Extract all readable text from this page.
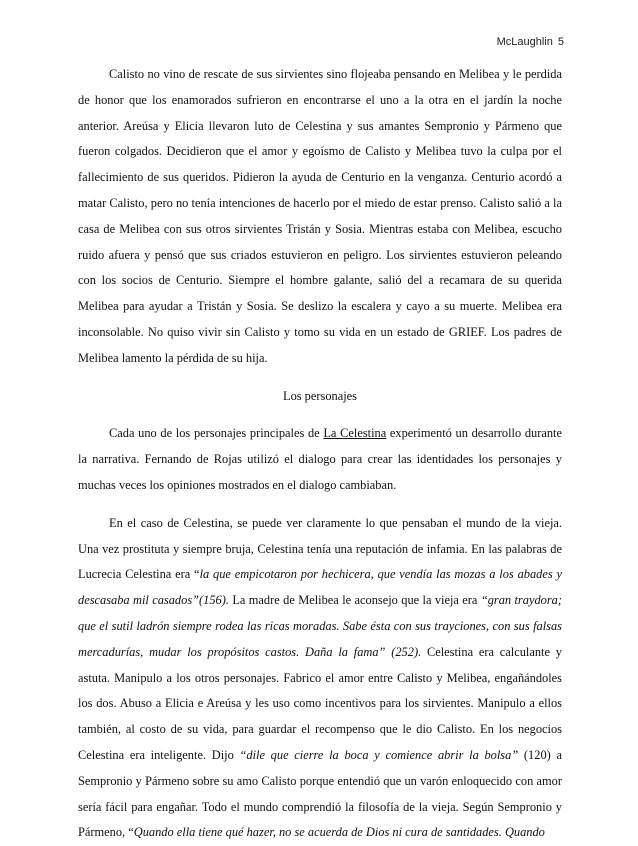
McLaughlin 5

Calisto no vino de rescate de sus sirvientes sino flojeaba pensando en Melibea y le perdida de honor que los enamorados sufrieron en encontrarse el uno a la otra en el jardín la noche anterior. Areúsa y Elicia llevaron luto de Celestina y sus amantes Sempronio y Pármeno que fueron colgados. Decidieron que el amor y egoísmo de Calisto y Melibea tuvo la culpa por el fallecimiento de sus queridos. Pidieron la ayuda de Centurio en la venganza. Centurio acordó a matar Calisto, pero no tenía intenciones de hacerlo por el miedo de estar prenso. Calisto salió a la casa de Melibea con sus otros sirvientes Tristán y Sosia. Mientras estaba con Melibea, escucho ruido afuera y pensó que sus criados estuvieron en peligro. Los sirvientes estuvieron peleando con los socios de Centurio. Siempre el hombre galante, salió del a recamara de su querida Melibea para ayudar a Tristán y Sosia. Se deslizo la escalera y cayo a su muerte. Melibea era inconsolable. No quiso vivir sin Calisto y tomo su vida en un estado de GRIEF. Los padres de Melibea lamento la pérdida de su hija.

Los personajes

Cada uno de los personajes principales de La Celestina experimentó un desarrollo durante la narrativa. Fernando de Rojas utilizó el dialogo para crear las identidades los personajes y muchas veces los opiniones mostrados en el dialogo cambiaban.

En el caso de Celestina, se puede ver claramente lo que pensaban el mundo de la vieja. Una vez prostituta y siempre bruja, Celestina tenía una reputación de infamia. En las palabras de Lucrecia Celestina era “la que empicotaron por hechicera, que vendía las mozas a los abades y descasaba mil casados”(156). La madre de Melibea le aconsejo que la vieja era “gran traydora; que el sutil ladrón siempre rodea las ricas moradas. Sabe ésta con sus trayciones, con sus falsas mercadurías, mudar los propósitos castos. Daña la fama” (252). Celestina era calculante y astuta. Manipulo a los otros personajes. Fabrico el amor entre Calisto y Melibea, engañándoles los dos. Abuso a Elicia e Areúsa y les uso como incentivos para los sirvientes. Manipulo a ellos también, al costo de su vida, para guardar el recompenso que le dio Calisto. En los negocios Celestina era inteligente. Dijo “dile que cierre la boca y comience abrir la bolsa” (120) a Sempronio y Pármeno sobre su amo Calisto porque entendió que un varón enloquecido con amor sería fácil para engañar. Todo el mundo comprendió la filosofía de la vieja. Según Sempronio y Pármeno, “Quando ella tiene qué hazer, no se acuerda de Dios ni cura de santidades. Quando
